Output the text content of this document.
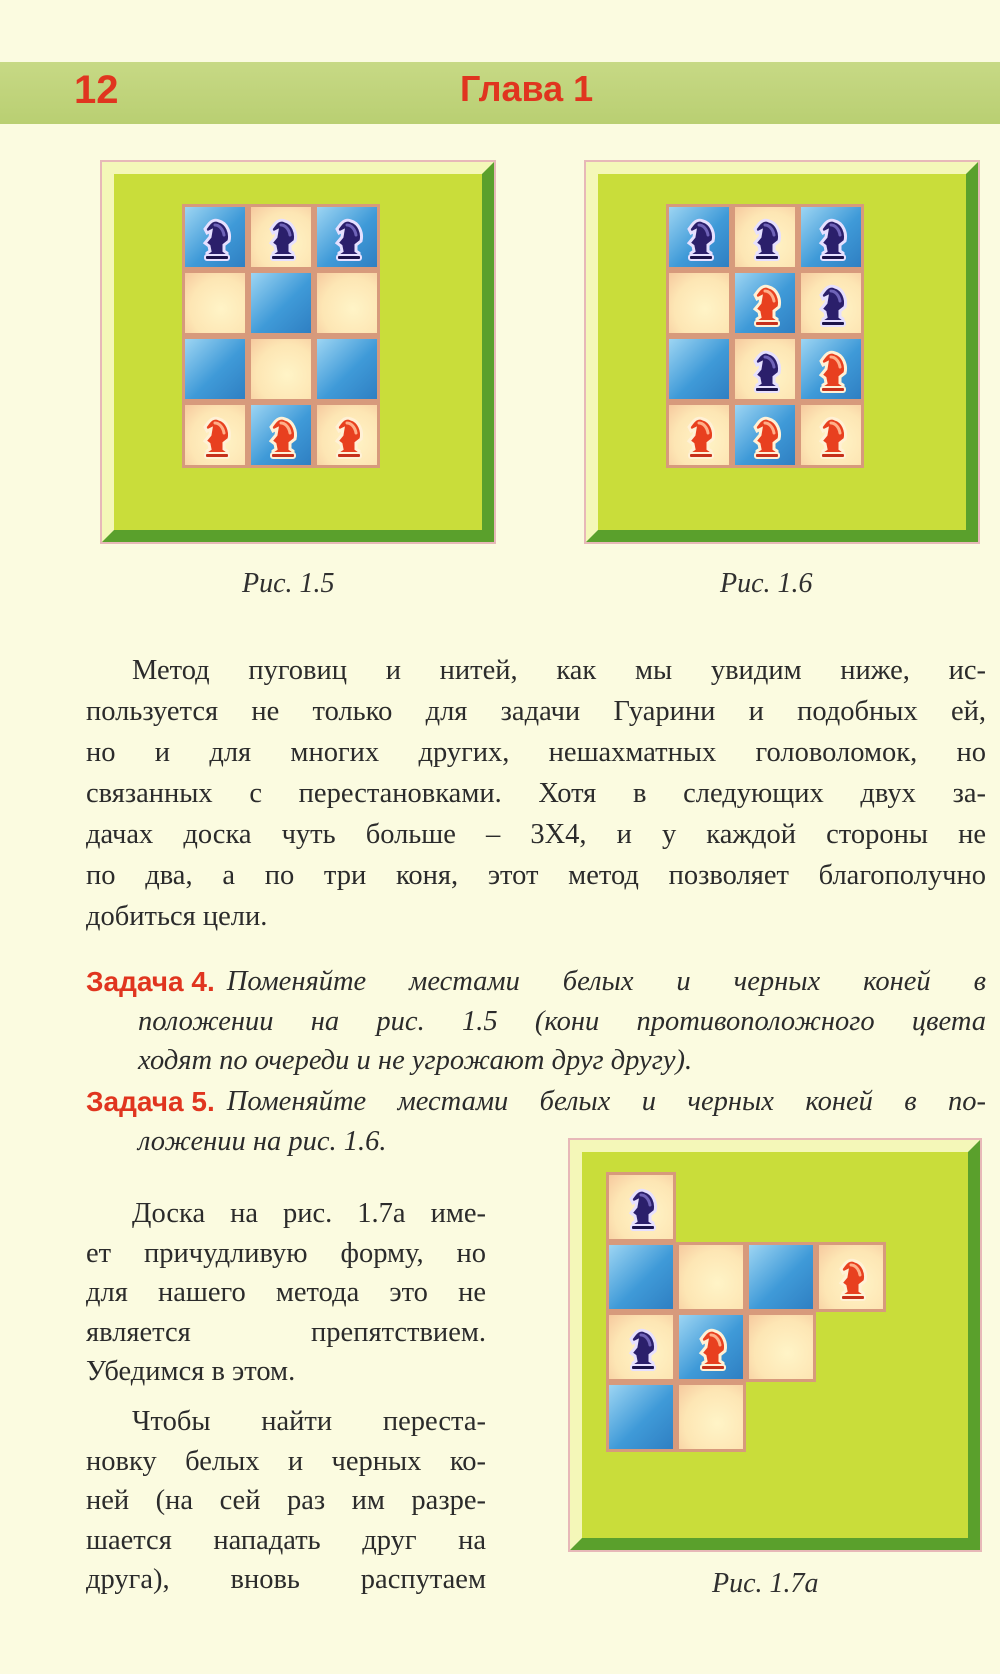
12	Глава 1
Рис. 1.5	Рис. 1.6
Метод пуговиц и нитей, как мы увидим ниже, ис-
пользуется не только для задачи Гуарини и подобных ей,
но и для многих других, нешахматных головоломок, но
связанных с перестановками. Хотя в следующих двух за-
дачах доска чуть больше – 3Х4, и у каждой стороны не
по два, а по три коня, этот метод позволяет благополучно
добиться цели.
Задача 4. Поменяйте местами белых и черных коней в
положении на рис. 1.5 (кони противоположного цвета
ходят по очереди и не угрожают друг другу).
Задача 5. Поменяйте местами белых и черных коней в по-
ложении на рис. 1.6.
Рис. 1.7а
Доска на рис. 1.7а име-
ет причудливую форму, но
для нашего метода это не
является препятствием.
Убедимся в этом.
Чтобы найти переста-
новку белых и черных ко-
ней (на сей раз им разре-
шается нападать друг на
друга), вновь распутаем
